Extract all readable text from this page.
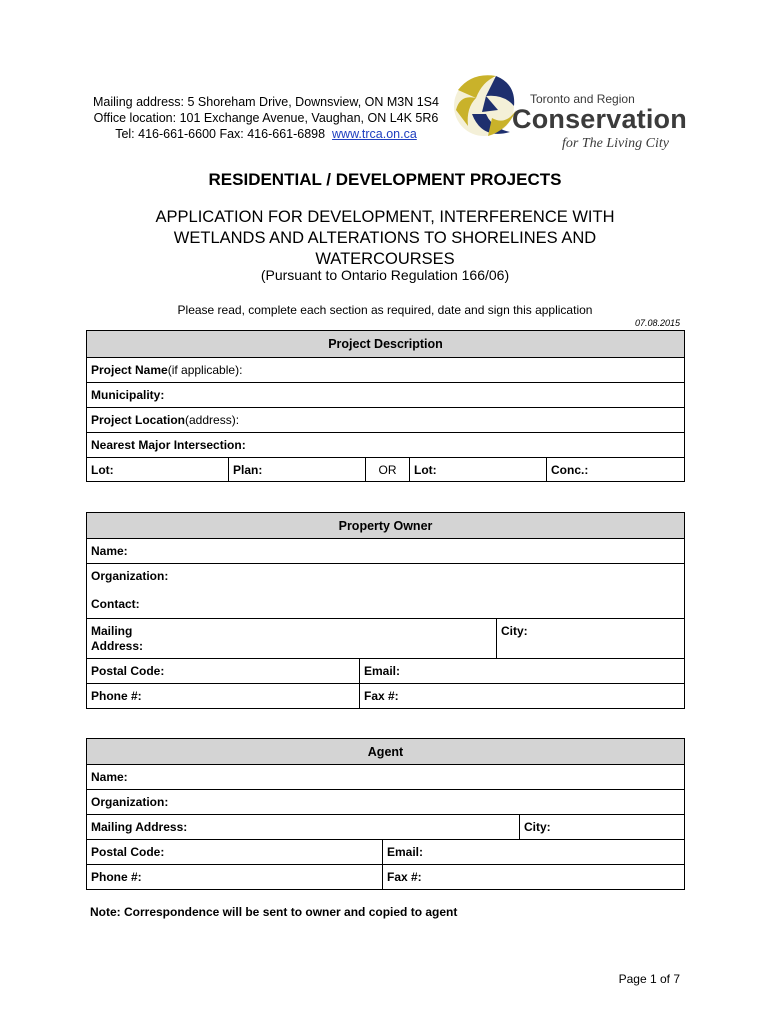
Mailing address: 5 Shoreham Drive, Downsview, ON M3N 1S4
Office location: 101 Exchange Avenue, Vaughan, ON L4K 5R6
Tel: 416-661-6600 Fax: 416-661-6898 www.trca.on.ca
Toronto and Region
Conservation
for The Living City
RESIDENTIAL / DEVELOPMENT PROJECTS
APPLICATION FOR DEVELOPMENT, INTERFERENCE WITH WETLANDS AND ALTERATIONS TO SHORELINES AND WATERCOURSES
(Pursuant to Ontario Regulation 166/06)
Please read, complete each section as required, date and sign this application
07.08.2015
Project Description
Project Name (if applicable):
Municipality:
Project Location (address):
Nearest Major Intersection:
Lot:	Plan:	OR	Lot:	Conc.:
Property Owner
Name:
Organization:
Contact:
Mailing
Address:
City:
Postal Code:	Email:
Phone #:	Fax #:
Agent
Name:
Organization:
Mailing Address:	City:
Postal Code:	Email:
Phone #:	Fax #:
Note: Correspondence will be sent to owner and copied to agent
Page 1 of 7
